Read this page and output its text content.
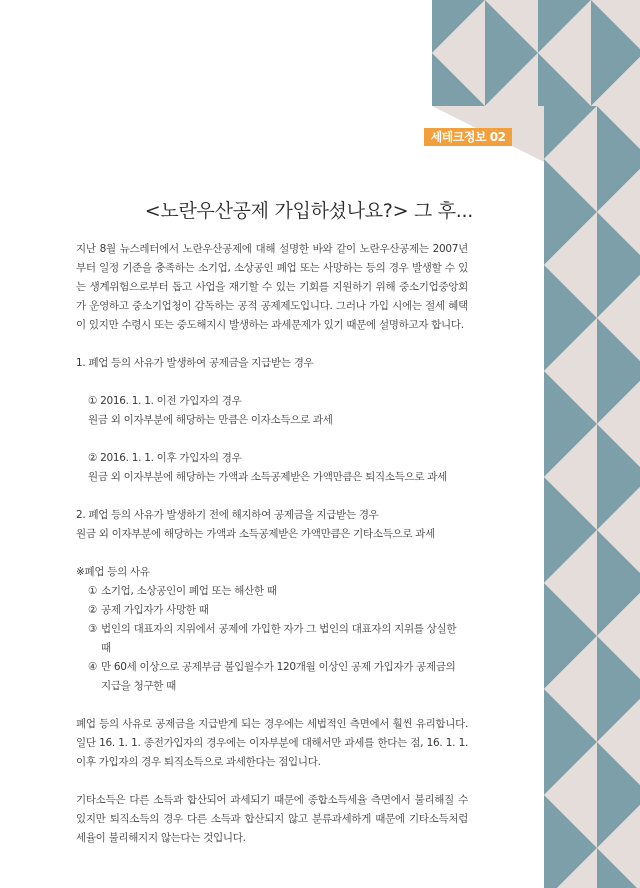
세테크정보 02
<노란우산공제 가입하셨나요?> 그 후...

지난 8월 뉴스레터에서 노란우산공제에 대해 설명한 바와 같이 노란우산공제는 2007년부터 일정 기준을 충족하는 소기업, 소상공인 폐업 또는 사망하는 등의 경우 발생할 수 있는 생계위험으로부터 돕고 사업을 재기할 수 있는 기회를 지원하기 위해 중소기업중앙회가 운영하고 중소기업청이 감독하는 공적 공제제도입니다. 그러나 가입 시에는 절세 혜택이 있지만 수령시 또는 중도해지시 발생하는 과세문제가 있기 때문에 설명하고자 합니다.

1. 폐업 등의 사유가 발생하여 공제금을 지급받는 경우

① 2016. 1. 1. 이전 가입자의 경우

원금 외 이자부분에 해당하는 만큼은 이자소득으로 과세

② 2016. 1. 1. 이후 가입자의 경우

원금 외 이자부분에 해당하는 가액과 소득공제받은 가액만큼은 퇴직소득으로 과세

2. 폐업 등의 사유가 발생하기 전에 해지하여 공제금을 지급받는 경우

원금 외 이자부분에 해당하는 가액과 소득공제받은 가액만큼은 기타소득으로 과세

※폐업 등의 사유

① 소기업, 소상공인이 폐업 또는 해산한 때
② 공제 가입자가 사망한 때
③ 법인의 대표자의 지위에서 공제에 가입한 자가 그 법인의 대표자의 지위를 상실한 때
④ 만 60세 이상으로 공제부금 불입월수가 120개월 이상인 공제 가입자가 공제금의 지급을 청구한 때

폐업 등의 사유로 공제금을 지급받게 되는 경우에는 세법적인 측면에서 훨씬 유리합니다. 일단 16. 1. 1. 종전가입자의 경우에는 이자부분에 대해서만 과세를 한다는 점, 16. 1. 1. 이후 가입자의 경우 퇴직소득으로 과세한다는 점입니다.

기타소득은 다른 소득과 합산되어 과세되기 때문에 종합소득세율 측면에서 불리해질 수 있지만 퇴직소득의 경우 다른 소득과 합산되지 않고 분류과세하게 때문에 기타소득처럼 세율이 불리해지지 않는다는 것입니다.
